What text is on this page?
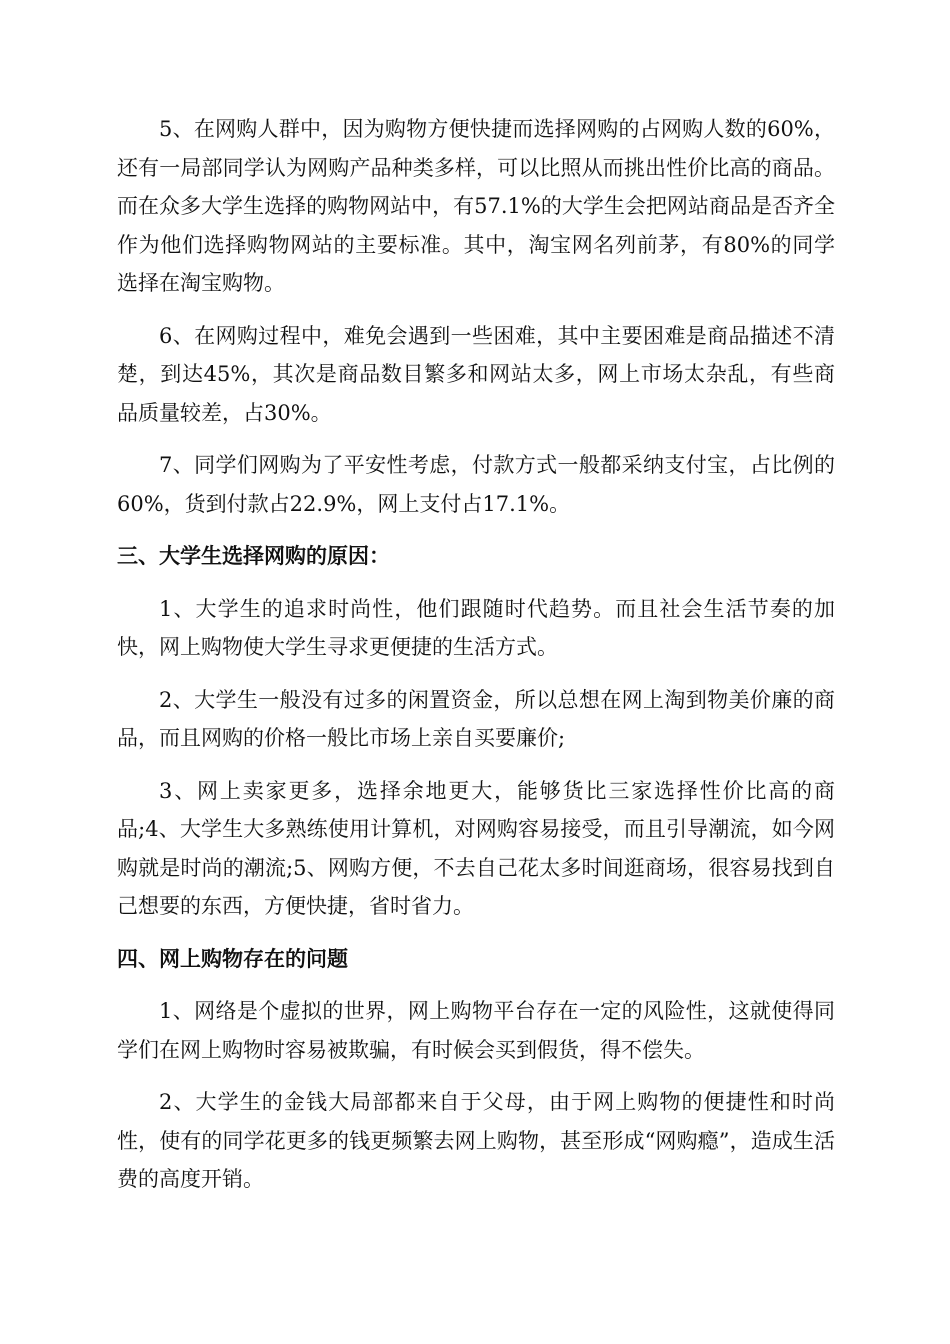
5、在网购人群中，因为购物方便快捷而选择网购的占网购人数的60%，还有一局部同学认为网购产品种类多样，可以比照从而挑出性价比高的商品。而在众多大学生选择的购物网站中，有57.1%的大学生会把网站商品是否齐全作为他们选择购物网站的主要标准。其中，淘宝网名列前茅，有80%的同学选择在淘宝购物。

6、在网购过程中，难免会遇到一些困难，其中主要困难是商品描述不清楚，到达45%，其次是商品数目繁多和网站太多，网上市场太杂乱，有些商品质量较差，占30%。

7、同学们网购为了平安性考虑，付款方式一般都采纳支付宝，占比例的60%，货到付款占22.9%，网上支付占17.1%。

三、大学生选择网购的原因：

1、大学生的追求时尚性，他们跟随时代趋势。而且社会生活节奏的加快，网上购物使大学生寻求更便捷的生活方式。

2、大学生一般没有过多的闲置资金，所以总想在网上淘到物美价廉的商品，而且网购的价格一般比市场上亲自买要廉价;

3、网上卖家更多，选择余地更大，能够货比三家选择性价比高的商品;4、大学生大多熟练使用计算机，对网购容易接受，而且引导潮流，如今网购就是时尚的潮流;5、网购方便，不去自己花太多时间逛商场，很容易找到自己想要的东西，方便快捷，省时省力。

四、网上购物存在的问题

1、网络是个虚拟的世界，网上购物平台存在一定的风险性，这就使得同学们在网上购物时容易被欺骗，有时候会买到假货，得不偿失。

2、大学生的金钱大局部都来自于父母，由于网上购物的便捷性和时尚性，使有的同学花更多的钱更频繁去网上购物，甚至形成“网购瘾”，造成生活费的高度开销。
